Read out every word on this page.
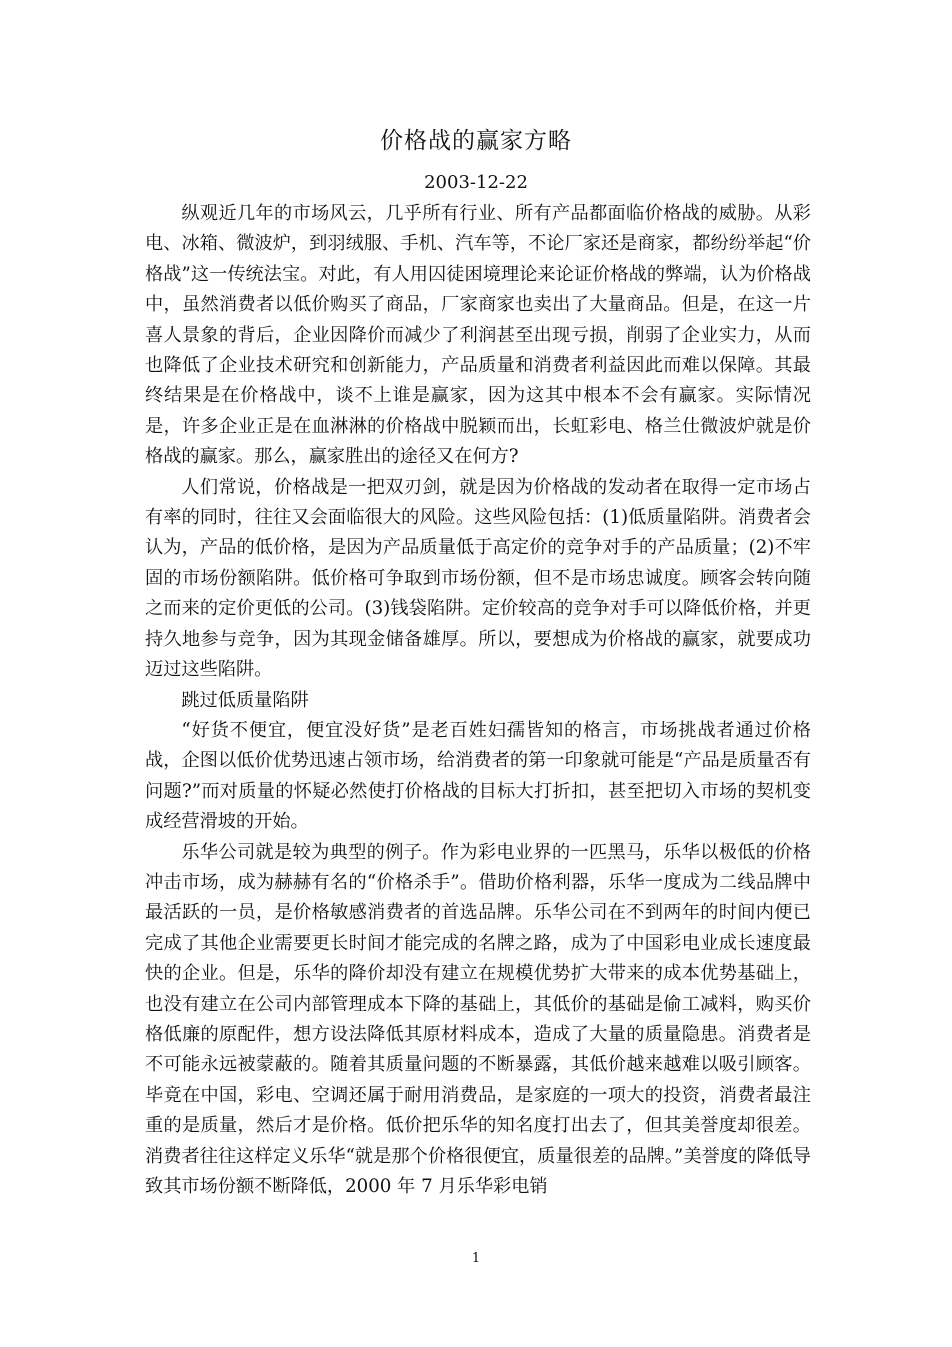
价格战的赢家方略
2003-12-22

纵观近几年的市场风云，几乎所有行业、所有产品都面临价格战的威胁。从彩电、冰箱、微波炉，到羽绒服、手机、汽车等，不论厂家还是商家，都纷纷举起“价格战”这一传统法宝。对此，有人用囚徒困境理论来论证价格战的弊端，认为价格战中，虽然消费者以低价购买了商品，厂家商家也卖出了大量商品。但是，在这一片喜人景象的背后，企业因降价而减少了利润甚至出现亏损，削弱了企业实力，从而也降低了企业技术研究和创新能力，产品质量和消费者利益因此而难以保障。其最终结果是在价格战中，谈不上谁是赢家，因为这其中根本不会有赢家。实际情况是，许多企业正是在血淋淋的价格战中脱颖而出，长虹彩电、格兰仕微波炉就是价格战的赢家。那么，赢家胜出的途径又在何方?

人们常说，价格战是一把双刃剑，就是因为价格战的发动者在取得一定市场占有率的同时，往往又会面临很大的风险。这些风险包括：(1)低质量陷阱。消费者会认为，产品的低价格，是因为产品质量低于高定价的竞争对手的产品质量；(2)不牢固的市场份额陷阱。低价格可争取到市场份额，但不是市场忠诚度。顾客会转向随之而来的定价更低的公司。(3)钱袋陷阱。定价较高的竞争对手可以降低价格，并更持久地参与竞争，因为其现金储备雄厚。所以，要想成为价格战的赢家，就要成功迈过这些陷阱。

跳过低质量陷阱

“好货不便宜，便宜没好货”是老百姓妇孺皆知的格言，市场挑战者通过价格战，企图以低价优势迅速占领市场，给消费者的第一印象就可能是“产品是质量否有问题?”而对质量的怀疑必然使打价格战的目标大打折扣，甚至把切入市场的契机变成经营滑坡的开始。

乐华公司就是较为典型的例子。作为彩电业界的一匹黑马，乐华以极低的价格冲击市场，成为赫赫有名的“价格杀手”。借助价格利器，乐华一度成为二线品牌中最活跃的一员，是价格敏感消费者的首选品牌。乐华公司在不到两年的时间内便已完成了其他企业需要更长时间才能完成的名牌之路，成为了中国彩电业成长速度最快的企业。但是，乐华的降价却没有建立在规模优势扩大带来的成本优势基础上，也没有建立在公司内部管理成本下降的基础上，其低价的基础是偷工减料，购买价格低廉的原配件，想方设法降低其原材料成本，造成了大量的质量隐患。消费者是不可能永远被蒙蔽的。随着其质量问题的不断暴露，其低价越来越难以吸引顾客。毕竟在中国，彩电、空调还属于耐用消费品，是家庭的一项大的投资，消费者最注重的是质量，然后才是价格。低价把乐华的知名度打出去了，但其美誉度却很差。消费者往往这样定义乐华“就是那个价格很便宜，质量很差的品牌。”美誉度的降低导致其市场份额不断降低，2000 年 7 月乐华彩电销

1
